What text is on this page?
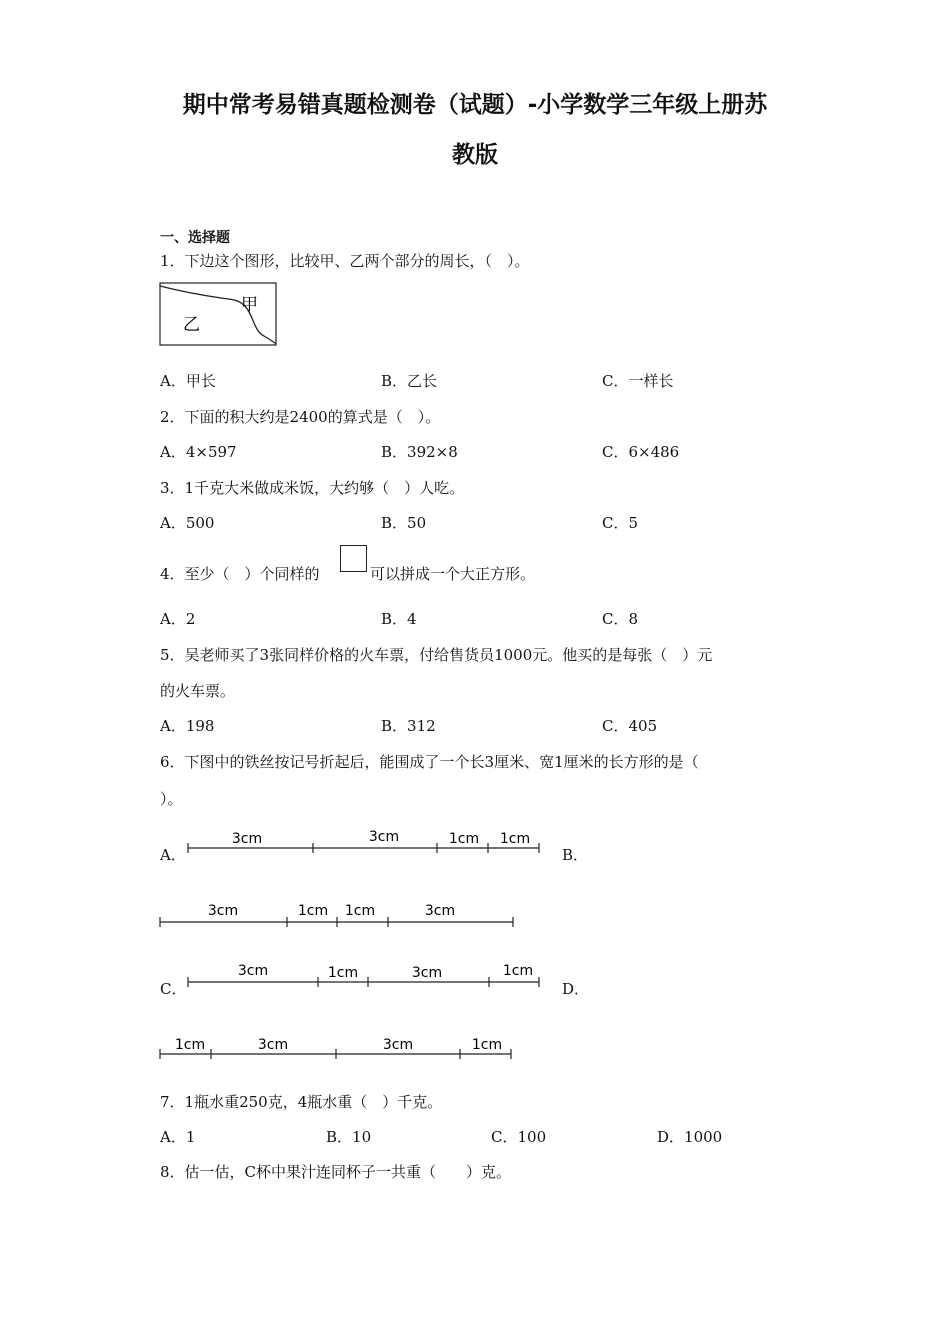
期中常考易错真题检测卷（试题）-小学数学三年级上册苏
教版
一、选择题
1．下边这个图形，比较甲、乙两个部分的周长，（　）。
甲
乙
A．甲长	B．乙长	C．一样长
2．下面的积大约是2400的算式是（　）。
A．4×597	B．392×8	C．6×486
3．1千克大米做成米饭，大约够（　）人吃。
A．500	B．50	C．5
4．至少（　）个同样的	可以拼成一个大正方形。
A．2	B．4	C．8
5．吴老师买了3张同样价格的火车票，付给售货员1000元。他买的是每张（　）元
的火车票。
A．198	B．312	C．405
6．下图中的铁丝按记号折起后，能围成了一个长3厘米、宽1厘米的长方形的是（
）。
A．
3cm	3cm	1cm 1cm
B．
3cm	1cm 1cm	3cm
C．
3cm	1cm	3cm	1cm
D．
1cm	3cm	3cm	1cm
7．1瓶水重250克，4瓶水重（　）千克。
A．1	B．10	C．100	D．1000
8．估一估，C杯中果汁连同杯子一共重（　　）克。
